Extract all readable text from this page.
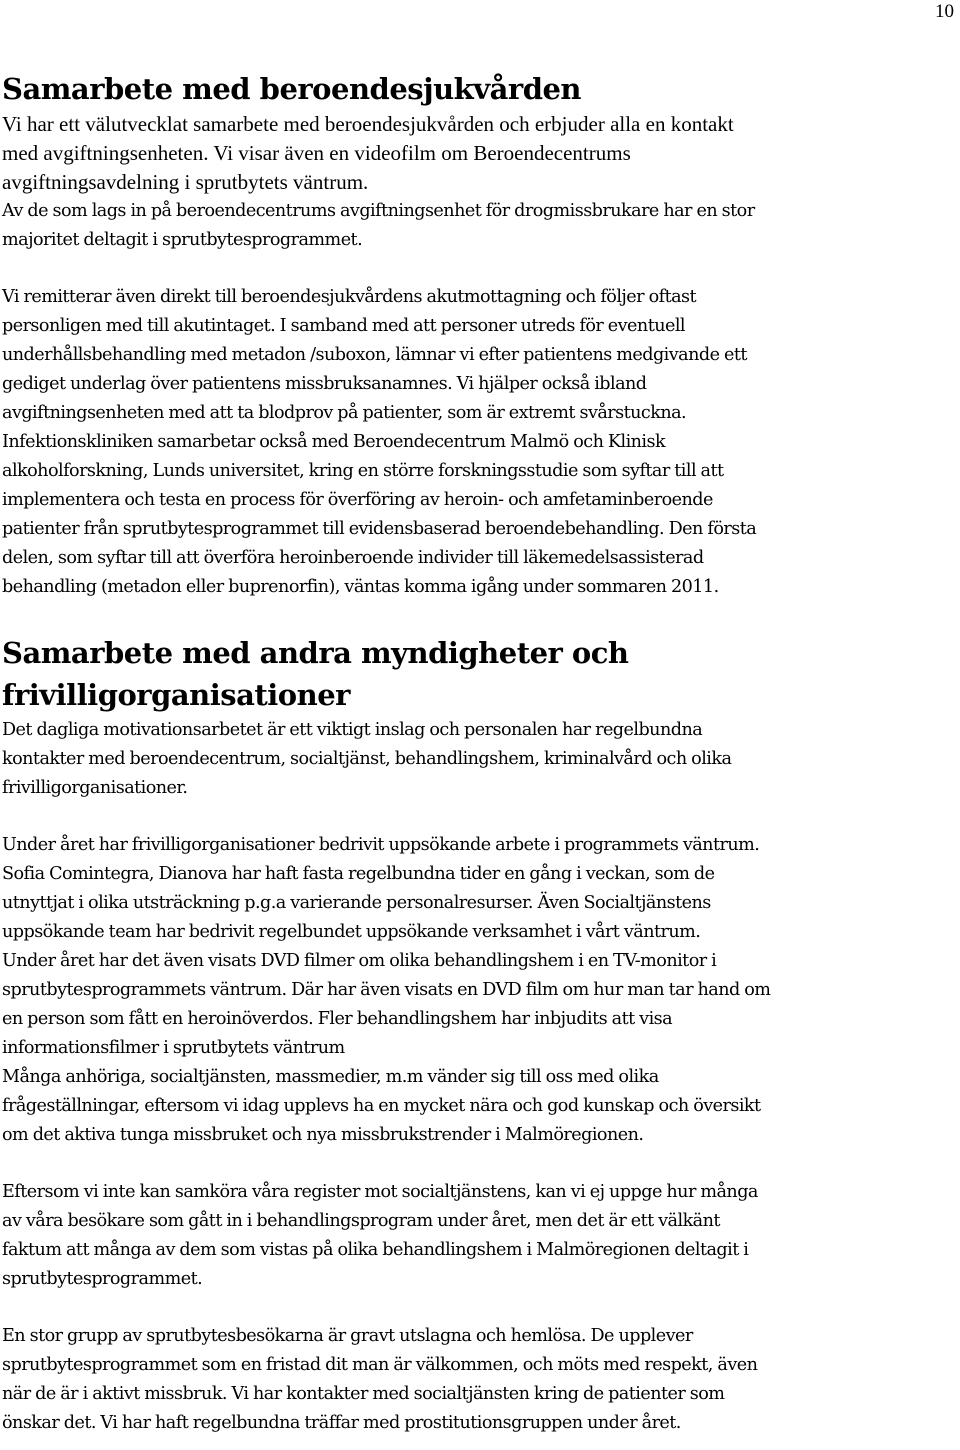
10
Samarbete med beroendesjukvården

Vi har ett välutvecklat samarbete med beroendesjukvården och erbjuder alla en kontakt

med avgiftningsenheten. Vi visar även en videofilm om Beroendecentrums

avgiftningsavdelning i sprutbytets väntrum.

Av de som lags in på beroendecentrums avgiftningsenhet för drogmissbrukare har en stor

majoritet deltagit i sprutbytesprogrammet.

Vi remitterar även direkt till beroendesjukvårdens akutmottagning och följer oftast

personligen med till akutintaget. I samband med att personer utreds för eventuell

underhållsbehandling med metadon /suboxon, lämnar vi efter patientens medgivande ett

gediget underlag över patientens missbruksanamnes. Vi hjälper också ibland

avgiftningsenheten med att ta blodprov på patienter, som är extremt svårstuckna.

Infektionskliniken samarbetar också med Beroendecentrum Malmö och Klinisk

alkoholforskning, Lunds universitet, kring en större forskningsstudie som syftar till att

implementera och testa en process för överföring av heroin- och amfetaminberoende

patienter från sprutbytesprogrammet till evidensbaserad beroendebehandling. Den första

delen, som syftar till att överföra heroinberoende individer till läkemedelsassisterad

behandling (metadon eller buprenorfin), väntas komma igång under sommaren 2011.

Samarbete med andra myndigheter och
frivilligorganisationer

Det dagliga motivationsarbetet är ett viktigt inslag och personalen har regelbundna

kontakter med beroendecentrum, socialtjänst, behandlingshem, kriminalvård och olika

frivilligorganisationer.

Under året har frivilligorganisationer bedrivit uppsökande arbete i programmets väntrum.

Sofia Comintegra, Dianova har haft fasta regelbundna tider en gång i veckan, som de

utnyttjat i olika utsträckning p.g.a varierande personalresurser. Även Socialtjänstens

uppsökande team har bedrivit regelbundet uppsökande verksamhet i vårt väntrum.

Under året har det även visats DVD filmer om olika behandlingshem i en TV-monitor i

sprutbytesprogrammets väntrum. Där har även visats en DVD film om hur man tar hand om

en person som fått en heroinöverdos. Fler behandlingshem har inbjudits att visa

informationsfilmer i sprutbytets väntrum

Många anhöriga, socialtjänsten, massmedier, m.m vänder sig till oss med olika

frågeställningar, eftersom vi idag upplevs ha en mycket nära och god kunskap och översikt

om det aktiva tunga missbruket och nya missbrukstrender i Malmöregionen.

Eftersom vi inte kan samköra våra register mot socialtjänstens, kan vi ej uppge hur många

av våra besökare som gått in i behandlingsprogram under året, men det är ett välkänt

faktum att många av dem som vistas på olika behandlingshem i Malmöregionen deltagit i

sprutbytesprogrammet.

En stor grupp av sprutbytesbesökarna är gravt utslagna och hemlösa. De upplever

sprutbytesprogrammet som en fristad dit man är välkommen, och möts med respekt, även

när de är i aktivt missbruk. Vi har kontakter med socialtjänsten kring de patienter som

önskar det. Vi har haft regelbundna träffar med prostitutionsgruppen under året.
